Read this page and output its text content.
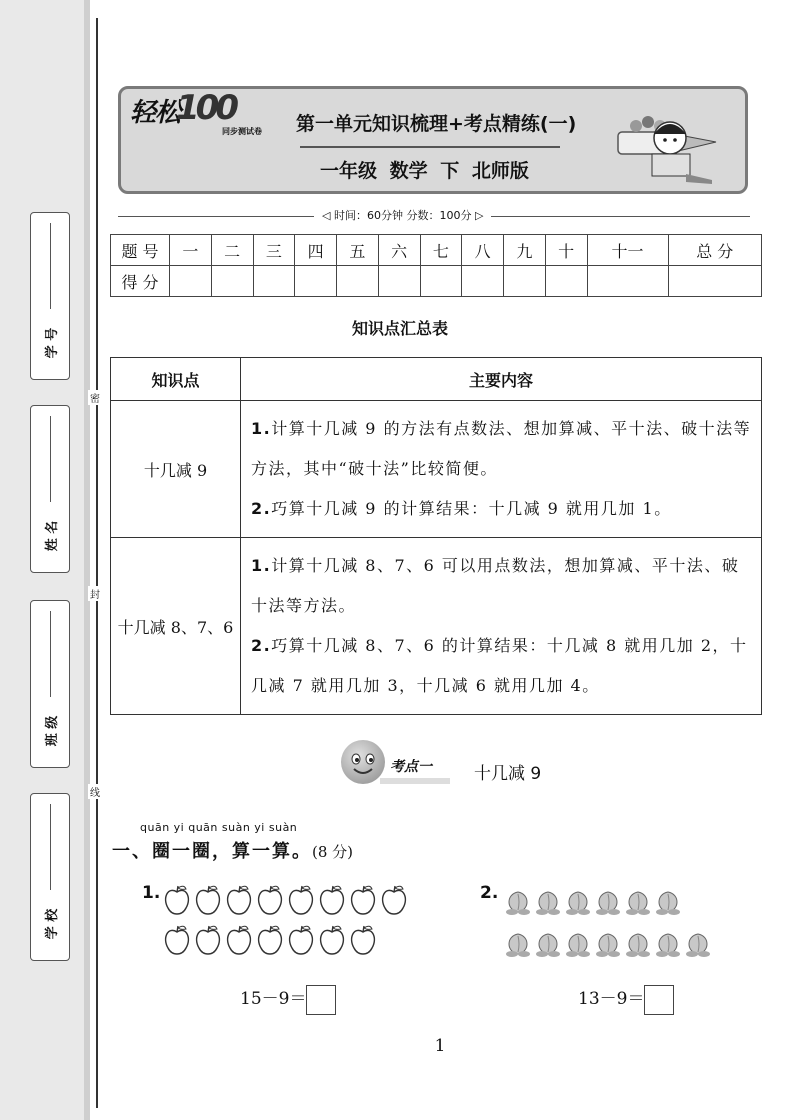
学 号
姓 名
班 级
学 校
密
封
线
轻松
100
同步测试卷 第一单元知识梳理+考点精练(一)
一年级 数学 下 北师版
◁ 时间：60分钟 分数：100分 ▷
题 号	一	二	三	四	五	六	七	八	九	十	十一	总 分
得 分												
知识点汇总表
知识点	主要内容
十几减 9	1.计算十几减 9 的方法有点数法、想加算减、平十法、破十法等方法，其中“破十法”比较简便。
2.巧算十几减 9 的计算结果：十几减 9 就用几加 1。

十几减 8、7、6	1.计算十几减 8、7、6 可以用点数法，想加算减、平十法、破十法等方法。
2.巧算十几减 8、7、6 的计算结果：十几减 8 就用几加 2，十几减 7 就用几加 3，十几减 6 就用几加 4。
考点一 十几减 9
quān yi quān suàn yi suàn
一、圈一圈，算一算。(8 分)
1.
15－9＝
2.
13－9＝
1
